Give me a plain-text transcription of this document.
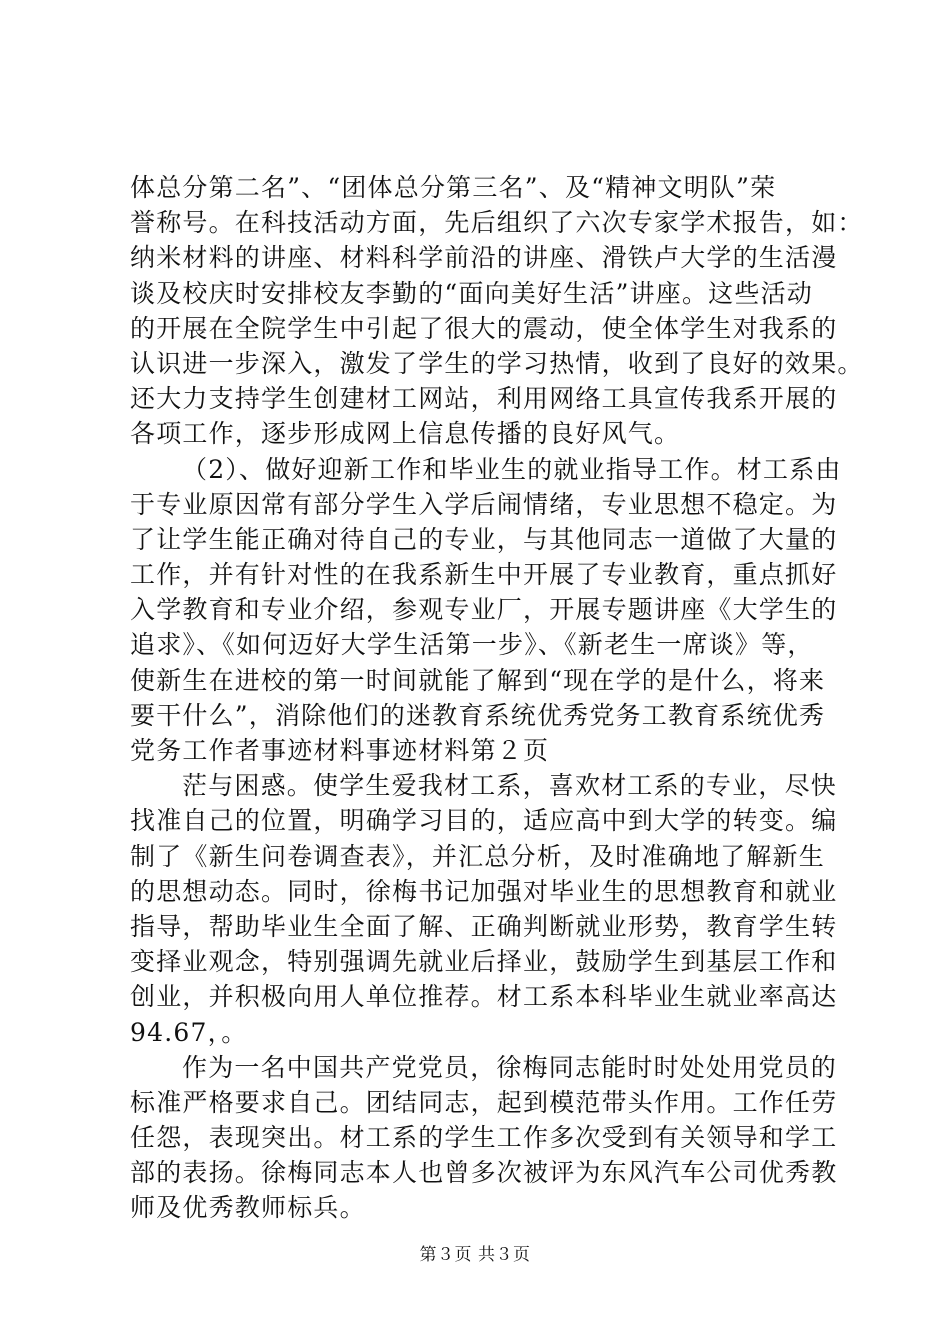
体总分第二名”、“团体总分第三名”、及“精神文明队”荣
誉称号。在科技活动方面，先后组织了六次专家学术报告，如：
纳米材料的讲座、材料科学前沿的讲座、滑铁卢大学的生活漫
谈及校庆时安排校友李勤的“面向美好生活”讲座。这些活动
的开展在全院学生中引起了很大的震动，使全体学生对我系的
认识进一步深入，激发了学生的学习热情，收到了良好的效果。
还大力支持学生创建材工网站，利用网络工具宣传我系开展的
各项工作，逐步形成网上信息传播的良好风气。
（2）、做好迎新工作和毕业生的就业指导工作。材工系由
于专业原因常有部分学生入学后闹情绪，专业思想不稳定。为
了让学生能正确对待自己的专业，与其他同志一道做了大量的
工作，并有针对性的在我系新生中开展了专业教育，重点抓好
入学教育和专业介绍，参观专业厂，开展专题讲座《大学生的
追求》、《如何迈好大学生活第一步》、《新老生一席谈》等，
使新生在进校的第一时间就能了解到“现在学的是什么，将来
要干什么”，消除他们的迷教育系统优秀党务工教育系统优秀
党务工作者事迹材料事迹材料第２页
茫与困惑。使学生爱我材工系，喜欢材工系的专业，尽快
找准自己的位置，明确学习目的，适应高中到大学的转变。编
制了《新生问卷调查表》，并汇总分析，及时准确地了解新生
的思想动态。同时，徐梅书记加强对毕业生的思想教育和就业
指导，帮助毕业生全面了解、正确判断就业形势，教育学生转
变择业观念，特别强调先就业后择业，鼓励学生到基层工作和
创业，并积极向用人单位推荐。材工系本科毕业生就业率高达
94.67，。
作为一名中国共产党党员，徐梅同志能时时处处用党员的
标准严格要求自己。团结同志，起到模范带头作用。工作任劳
任怨，表现突出。材工系的学生工作多次受到有关领导和学工
部的表扬。徐梅同志本人也曾多次被评为东风汽车公司优秀教
师及优秀教师标兵。
第３页 共３页
